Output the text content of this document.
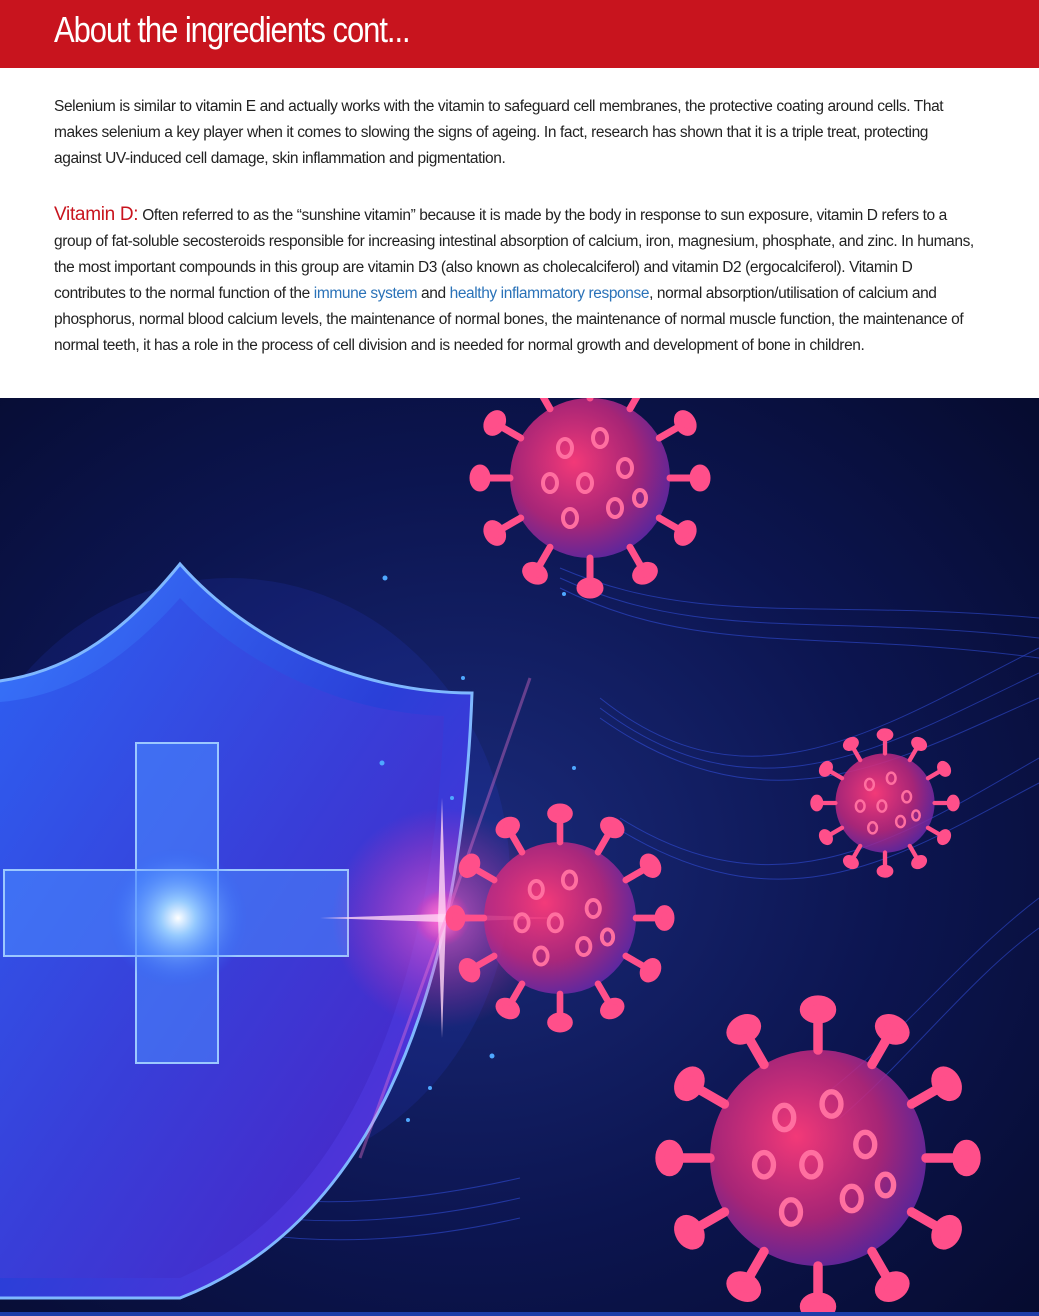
About the ingredients cont...

Selenium is similar to vitamin E and actually works with the vitamin to safeguard cell membranes, the protective coating around cells. That makes selenium a key player when it comes to slowing the signs of ageing. In fact, research has shown that it is a triple treat, protecting against UV-induced cell damage, skin inflammation and pigmentation.

Vitamin D: Often referred to as the “sunshine vitamin” because it is made by the body in response to sun exposure, vitamin D refers to a group of fat-soluble secosteroids responsible for increasing intestinal absorption of calcium, iron, magnesium, phosphate, and zinc. In humans, the most important compounds in this group are vitamin D3 (also known as cholecalciferol) and vitamin D2 (ergocalciferol). Vitamin D contributes to the normal function of the immune system and healthy inflammatory response, normal absorption/utilisation of calcium and phosphorus, normal blood calcium levels, the maintenance of normal bones, the maintenance of normal muscle function, the maintenance of normal teeth, it has a role in the process of cell division and is needed for normal growth and development of bone in children.
